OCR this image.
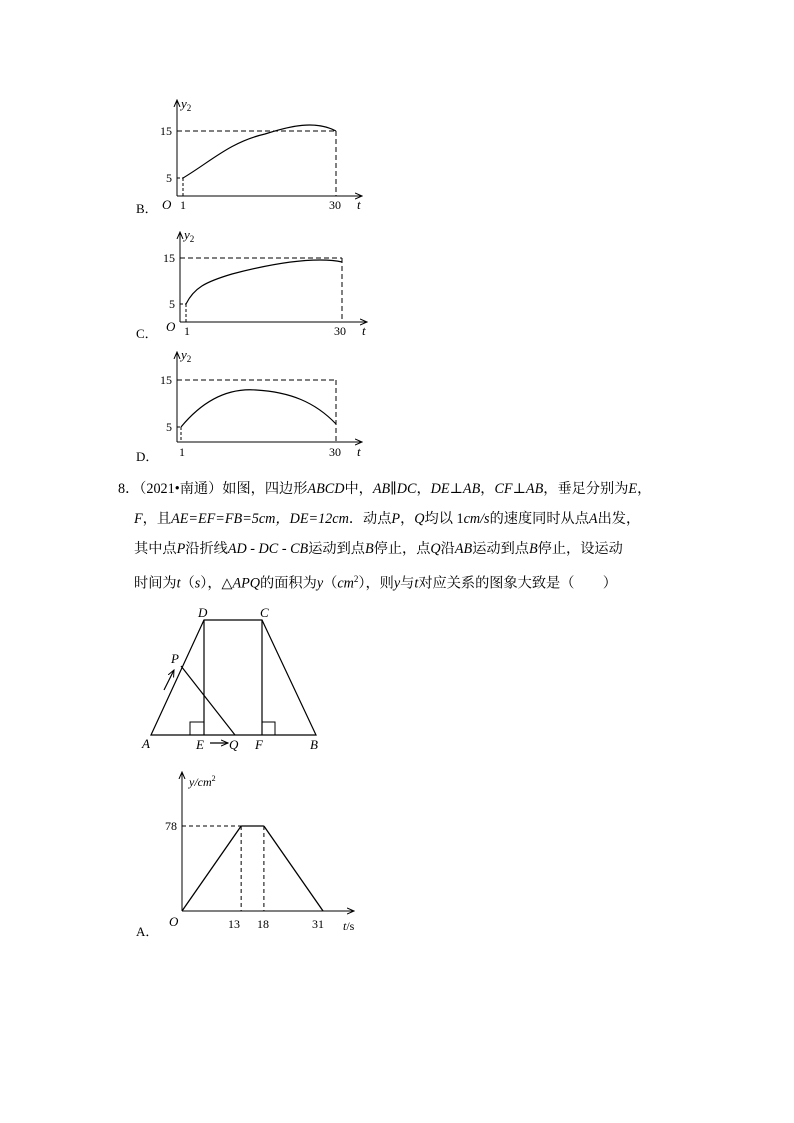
$y_2$
15
5
O 1	30 t
B．
$y_2$
15
5
O 1	30 t
C．
$y_2$
15
5
1	30 t
D．

8．（2021•南通）如图，四边形ABCD中，AB∥DC，DE⊥AB，CF⊥AB，垂足分别为E，

F，且AE=EF=FB=5cm，DE=12cm．动点P，Q均以 1cm/s的速度同时从点A出发，

其中点P沿折线AD - DC - CB运动到点B停止，点Q沿AB运动到点B停止，设运动

时间为t（s），△APQ的面积为$y(cm^2)$，则y与t对应关系的图象大致是（　　）

D	C
P
A	E Q F	B
$y/cm^2$
78
O	13 18	31 t/s
A．
